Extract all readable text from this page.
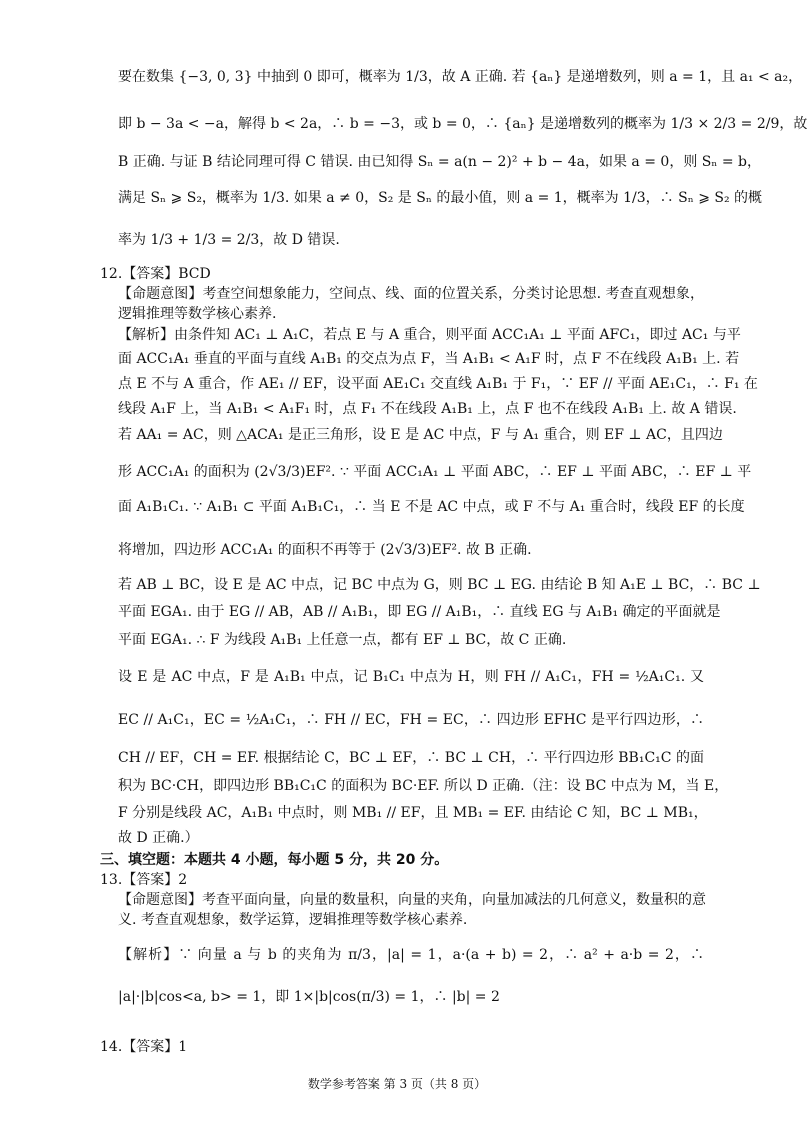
要在数集 {−3, 0, 3} 中抽到 0 即可，概率为 1/3，故 A 正确. 若 {aₙ} 是递增数列，则 a = 1，且 a₁ < a₂，
即 b − 3a < −a，解得 b < 2a，∴ b = −3，或 b = 0，∴ {aₙ} 是递增数列的概率为 1/3 × 2/3 = 2/9，故
B 正确. 与证 B 结论同理可得 C 错误. 由已知得 Sₙ = a(n − 2)² + b − 4a，如果 a = 0，则 Sₙ = b，
满足 Sₙ ⩾ S₂，概率为 1/3. 如果 a ≠ 0，S₂ 是 Sₙ 的最小值，则 a = 1，概率为 1/3，∴ Sₙ ⩾ S₂ 的概
率为 1/3 + 1/3 = 2/3，故 D 错误.
12.【答案】BCD
【命题意图】考查空间想象能力，空间点、线、面的位置关系，分类讨论思想. 考查直观想象，
逻辑推理等数学核心素养.
【解析】由条件知 AC₁ ⊥ A₁C，若点 E 与 A 重合，则平面 ACC₁A₁ ⊥ 平面 AFC₁，即过 AC₁ 与平
面 ACC₁A₁ 垂直的平面与直线 A₁B₁ 的交点为点 F，当 A₁B₁ < A₁F 时，点 F 不在线段 A₁B₁ 上. 若
点 E 不与 A 重合，作 AE₁ // EF，设平面 AE₁C₁ 交直线 A₁B₁ 于 F₁，∵ EF // 平面 AE₁C₁，∴ F₁ 在
线段 A₁F 上，当 A₁B₁ < A₁F₁ 时，点 F₁ 不在线段 A₁B₁ 上，点 F 也不在线段 A₁B₁ 上. 故 A 错误.
若 AA₁ = AC，则 △ACA₁ 是正三角形，设 E 是 AC 中点，F 与 A₁ 重合，则 EF ⊥ AC，且四边
形 ACC₁A₁ 的面积为 (2√3/3)EF². ∵ 平面 ACC₁A₁ ⊥ 平面 ABC，∴ EF ⊥ 平面 ABC，∴ EF ⊥ 平
面 A₁B₁C₁. ∵ A₁B₁ ⊂ 平面 A₁B₁C₁，∴ 当 E 不是 AC 中点，或 F 不与 A₁ 重合时，线段 EF 的长度
将增加，四边形 ACC₁A₁ 的面积不再等于 (2√3/3)EF². 故 B 正确.
若 AB ⊥ BC，设 E 是 AC 中点，记 BC 中点为 G，则 BC ⊥ EG. 由结论 B 知 A₁E ⊥ BC，∴ BC ⊥
平面 EGA₁. 由于 EG // AB，AB // A₁B₁，即 EG // A₁B₁，∴ 直线 EG 与 A₁B₁ 确定的平面就是
平面 EGA₁. ∴ F 为线段 A₁B₁ 上任意一点，都有 EF ⊥ BC，故 C 正确.
设 E 是 AC 中点，F 是 A₁B₁ 中点，记 B₁C₁ 中点为 H，则 FH // A₁C₁，FH = ½A₁C₁. 又
EC // A₁C₁，EC = ½A₁C₁，∴ FH // EC，FH = EC，∴ 四边形 EFHC 是平行四边形，∴
CH // EF，CH = EF. 根据结论 C，BC ⊥ EF，∴ BC ⊥ CH，∴ 平行四边形 BB₁C₁C 的面
积为 BC·CH，即四边形 BB₁C₁C 的面积为 BC·EF. 所以 D 正确.（注：设 BC 中点为 M，当 E，
F 分别是线段 AC，A₁B₁ 中点时，则 MB₁ // EF，且 MB₁ = EF. 由结论 C 知，BC ⊥ MB₁，
故 D 正确.）
三、填空题：本题共 4 小题，每小题 5 分，共 20 分。
13.【答案】2
【命题意图】考查平面向量，向量的数量积，向量的夹角，向量加减法的几何意义，数量积的意
义. 考查直观想象，数学运算，逻辑推理等数学核心素养.
【解析】∵ 向量 a 与 b 的夹角为 π/3，|a| = 1，a·(a + b) = 2，∴ a² + a·b = 2，∴
|a|·|b|cos<a, b> = 1，即 1×|b|cos(π/3) = 1，∴ |b| = 2
14.【答案】1
数学参考答案 第 3 页（共 8 页）
